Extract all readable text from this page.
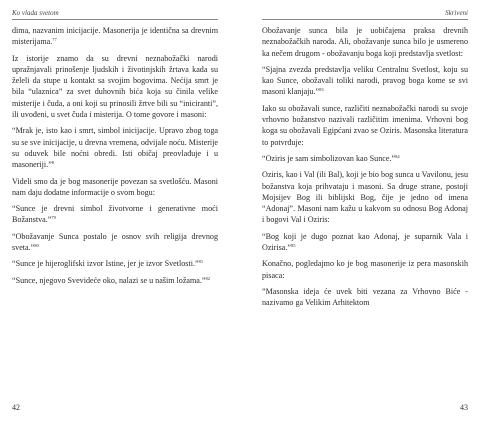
Ko vlada svetom

dima, nazvanim inicijacije. Masonerija je identična sa drevnim misterijama.$^{77}$

Iz istorije znamo da su drevni neznabožački narodi upražnjavali prinošenje ljudskih i životinjskih žrtava kada su želeli da stupe u kontakt sa svojim bogovima. Nećija smrt je bila “ulaznica” za svet duhovnih bića koja su činila velike misterije i čuda, a oni koji su prinosili žrtve bili su “iniciranti”, ili uvođeni, u svet čuda i misterija. O tome govore i masoni:

“Mrak je, isto kao i smrt, simbol inicijacije. Upravo zbog toga su se sve inicijacije, u drevna vremena, odvijale noću. Misterije su oduvek bile noćni obredi. Isti običaj preovlađuje i u masoneriji.”$^8$

Videli smo da je bog masonerije povezan sa svetlošću. Masoni nam daju dodatne informacije o svom bogu:

“Sunce je drevni simbol životvorne i generativne moći Božanstva.”$^{79}$

“Obožavanje Sunca postalo je osnov svih religija drevnog sveta.”$^{80}$

“Sunce je hijeroglifski izvor Istine, jer je izvor Svetlosti.”$^{81}$

“Sunce, njegovo Svevideće oko, nalazi se u našim ložama.”$^{82}$

42
Skriveni

Obožavanje sunca bila je uobičajena praksa drevnih neznabožačkih naroda. Ali, obožavanje sunca bilo je usmereno ka nečem drugom - obožavanju boga koji predstavlja svetlost:

“Sjajna zvezda predstavlja veliku Centralnu Svetlost, koju su kao Sunce, obožavali toliki narodi, pravog boga kome se svi masoni klanjaju.”$^{83}$

Iako su obožavali sunce, različiti neznabožački narodi su svoje vrhovno božanstvo nazivali različitim imenima. Vrhovni bog koga su obožavali Egipćani zvao se Oziris. Masonska literatura to potvrđuje:

“Oziris je sam simbolizovan kao Sunce.”$^{84}$

Oziris, kao i Val (ili Bal), koji je bio bog sunca u Vavilonu, jesu božanstva koja prihvataju i masoni. Sa druge strane, postoji Mojsijev Bog ili biblijski Bog, čije je jedno od imena “Adonaj”. Masoni nam kažu u kakvom su odnosu Bog Adonaj i bogovi Val i Oziris:

“Bog koji je dugo poznat kao Adonaj, je suparnik Vala i Ozirisa.”$^{85}$

Konačno, pogledajmo ko je bog masonerije iz pera masonskih pisaca:

”Masonska ideja će uvek biti vezana za Vrhovno Biće - nazivamo ga Velikim Arhitektom

43
